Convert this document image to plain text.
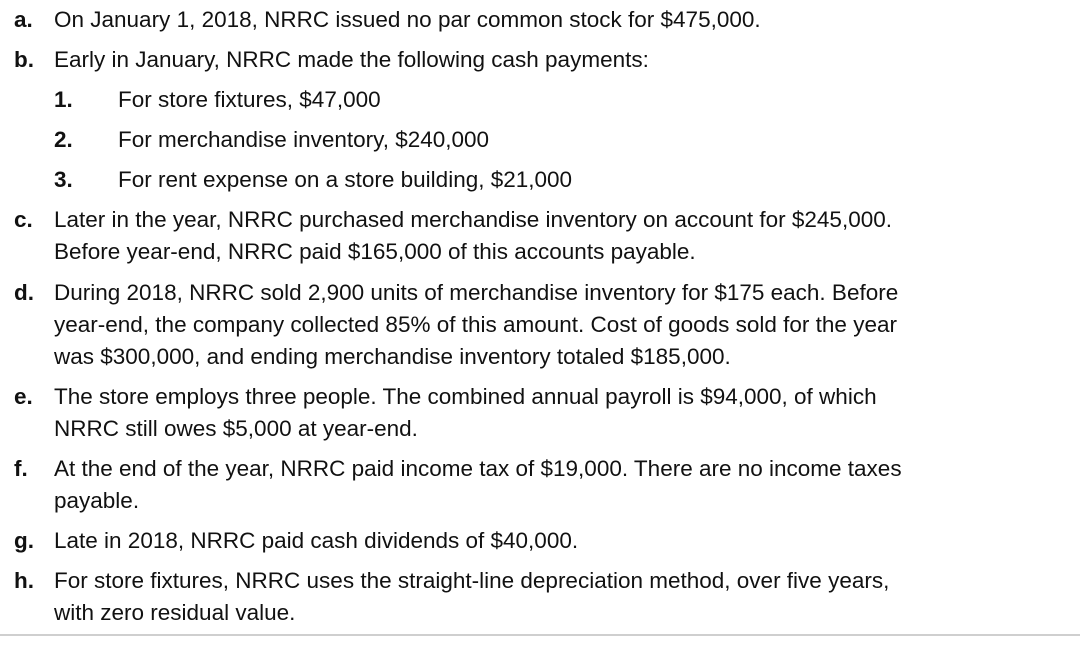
a. On January 1, 2018, NRRC issued no par common stock for $475,000.
b. Early in January, NRRC made the following cash payments:
1. For store fixtures, $47,000
2. For merchandise inventory, $240,000
3. For rent expense on a store building, $21,000
c. Later in the year, NRRC purchased merchandise inventory on account for $245,000.
Before year-end, NRRC paid $165,000 of this accounts payable.
d. During 2018, NRRC sold 2,900 units of merchandise inventory for $175 each. Before
year-end, the company collected 85% of this amount. Cost of goods sold for the year
was $300,000, and ending merchandise inventory totaled $185,000.
e. The store employs three people. The combined annual payroll is $94,000, of which
NRRC still owes $5,000 at year-end.
f. At the end of the year, NRRC paid income tax of $19,000. There are no income taxes
payable.
g. Late in 2018, NRRC paid cash dividends of $40,000.
h. For store fixtures, NRRC uses the straight-line depreciation method, over five years,
with zero residual value.
